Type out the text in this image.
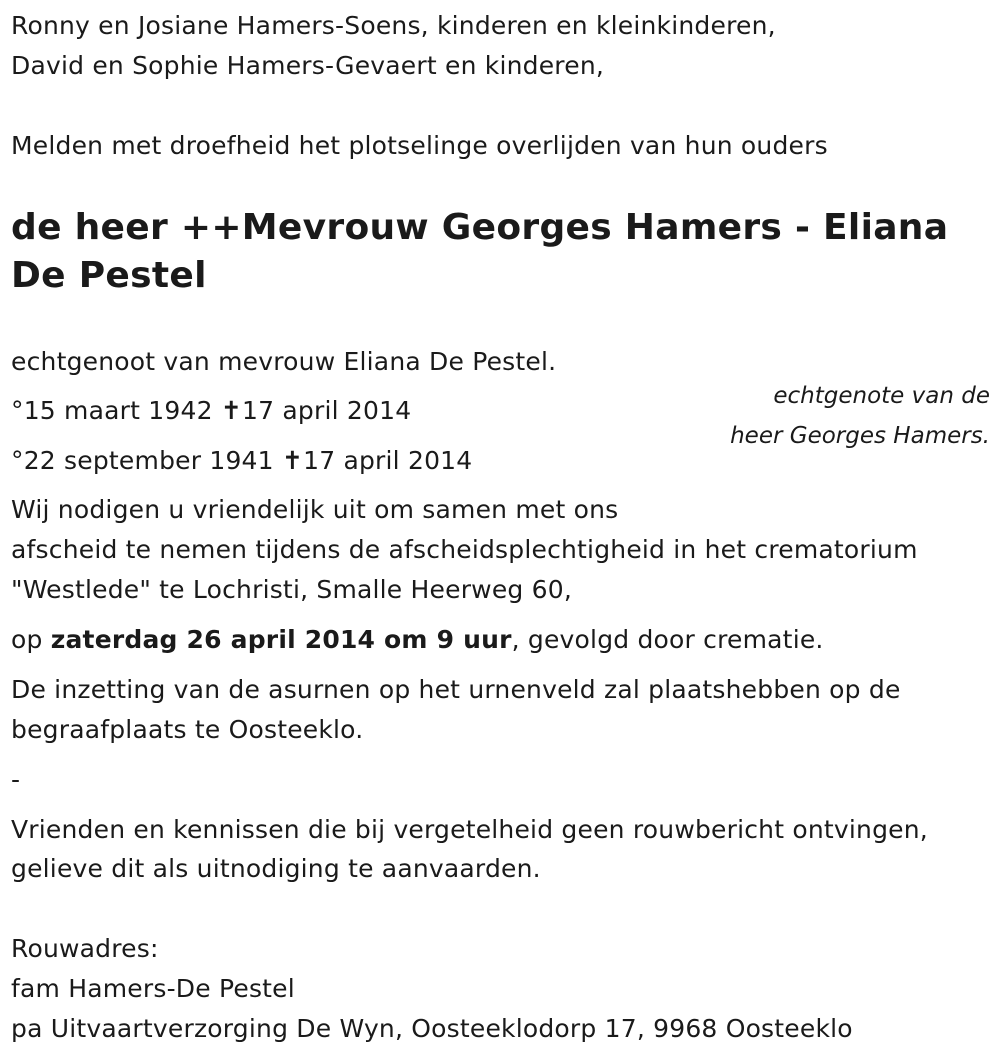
Ronny en Josiane Hamers-Soens, kinderen en kleinkinderen,
David en Sophie Hamers-Gevaert en kinderen,
Melden met droefheid het plotselinge overlijden van hun ouders
de heer ++Mevrouw Georges Hamers - Eliana De Pestel
echtgenoot van mevrouw Eliana De Pestel.
°15 maart 1942 ✝17 april 2014
°22 september 1941 ✝17 april 2014
echtgenote van de heer Georges Hamers.
Wij nodigen u vriendelijk uit om samen met ons
afscheid te nemen tijdens de afscheidsplechtigheid in het crematorium
"Westlede" te Lochristi, Smalle Heerweg 60,
op zaterdag 26 april 2014 om 9 uur, gevolgd door crematie.
De inzetting van de asurnen op het urnenveld zal plaatshebben op de
begraafplaats te Oosteeklo.
-
Vrienden en kennissen die bij vergetelheid geen rouwbericht ontvingen,
gelieve dit als uitnodiging te aanvaarden.
Rouwadres:
fam Hamers-De Pestel
pa Uitvaartverzorging De Wyn, Oosteeklodorp 17, 9968 Oosteeklo
